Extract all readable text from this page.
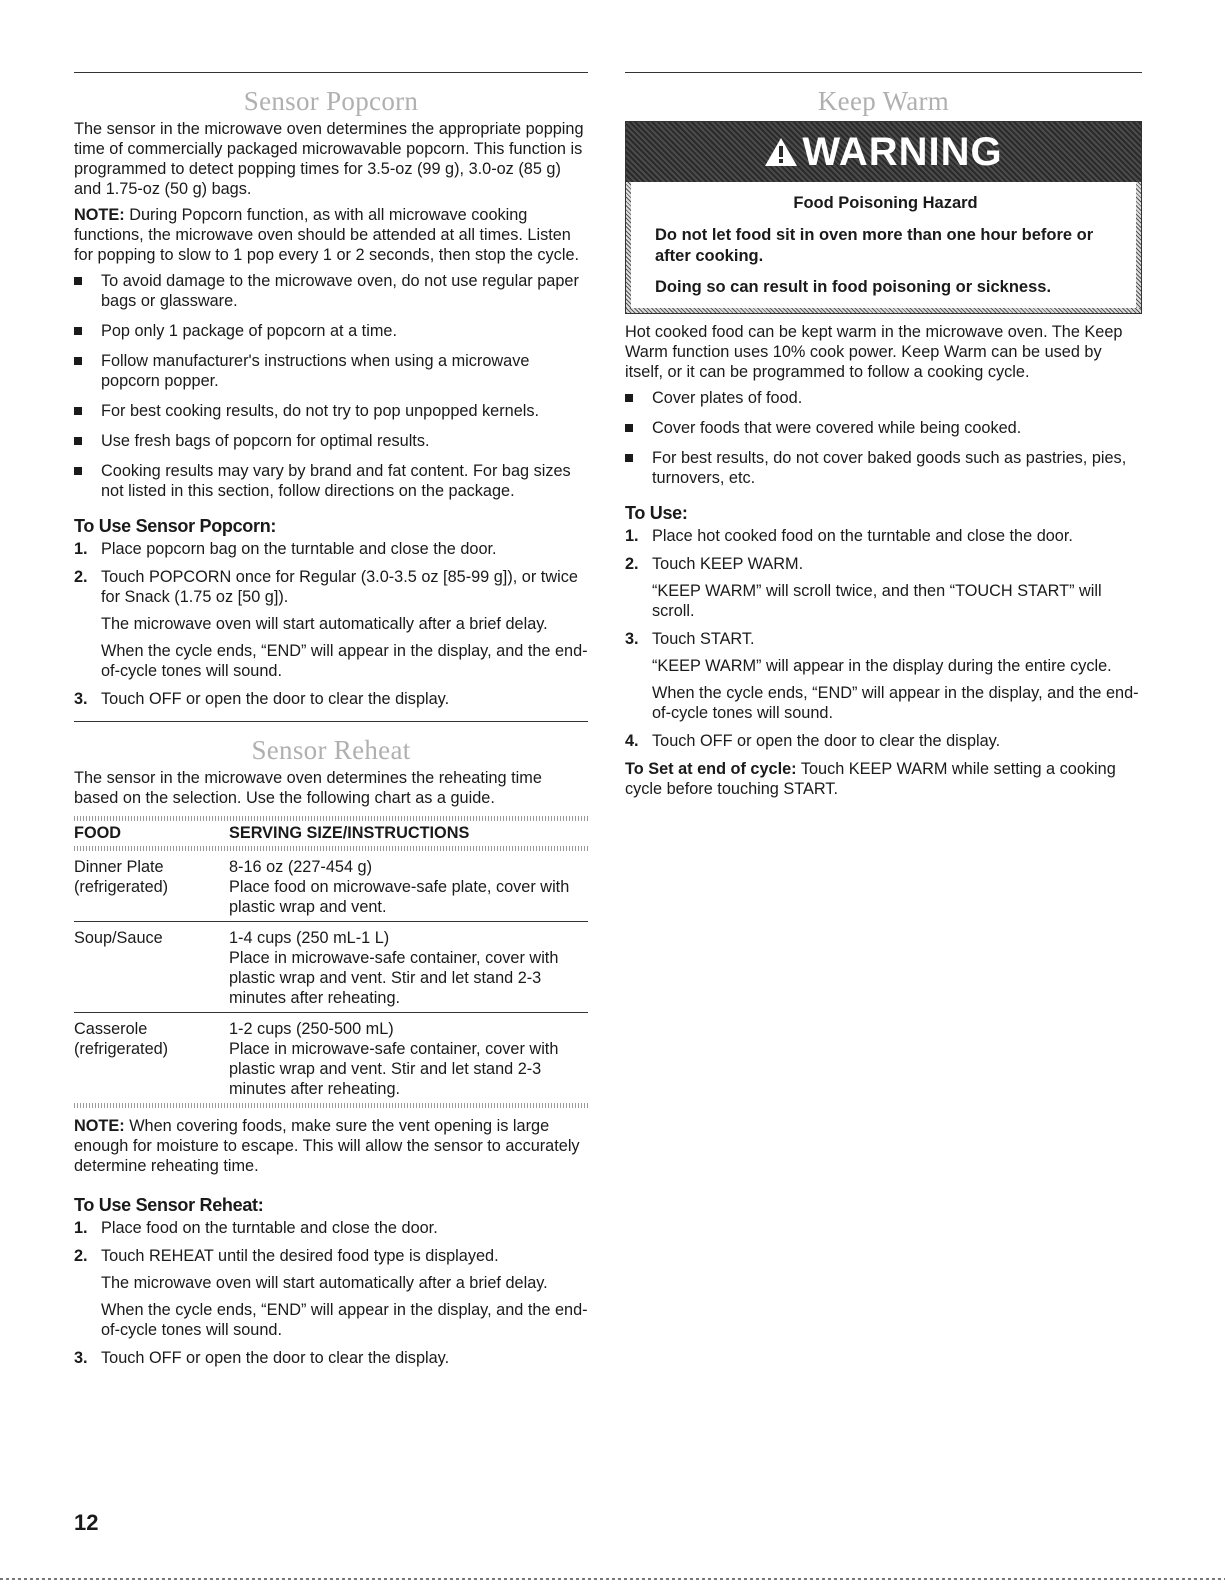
Sensor Popcorn

The sensor in the microwave oven determines the appropriate popping time of commercially packaged microwavable popcorn. This function is programmed to detect popping times for 3.5-oz (99 g), 3.0-oz (85 g) and 1.75-oz (50 g) bags.

NOTE: During Popcorn function, as with all microwave cooking functions, the microwave oven should be attended at all times. Listen for popping to slow to 1 pop every 1 or 2 seconds, then stop the cycle.

To avoid damage to the microwave oven, do not use regular paper bags or glassware.
Pop only 1 package of popcorn at a time.
Follow manufacturer's instructions when using a microwave popcorn popper.
For best cooking results, do not try to pop unpopped kernels.
Use fresh bags of popcorn for optimal results.
Cooking results may vary by brand and fat content. For bag sizes not listed in this section, follow directions on the package.
To Use Sensor Popcorn:
1. Place popcorn bag on the turntable and close the door.
2. Touch POPCORN once for Regular (3.0-3.5 oz [85-99 g]), or twice for Snack (1.75 oz [50 g]).
The microwave oven will start automatically after a brief delay.
When the cycle ends, “END” will appear in the display, and the end-of-cycle tones will sound.
3. Touch OFF or open the door to clear the display.
Sensor Reheat

The sensor in the microwave oven determines the reheating time based on the selection. Use the following chart as a guide.

FOOD	SERVING SIZE/INSTRUCTIONS
Dinner Plate
(refrigerated)
8-16 oz (227-454 g)
Place food on microwave-safe plate, cover with plastic wrap and vent.
Soup/Sauce	1-4 cups (250 mL-1 L)
Place in microwave-safe container, cover with plastic wrap and vent. Stir and let stand 2-3 minutes after reheating.
Casserole
(refrigerated)
1-2 cups (250-500 mL)
Place in microwave-safe container, cover with plastic wrap and vent. Stir and let stand 2-3 minutes after reheating.

NOTE: When covering foods, make sure the vent opening is large enough for moisture to escape. This will allow the sensor to accurately determine reheating time.

To Use Sensor Reheat:
1. Place food on the turntable and close the door.
2. Touch REHEAT until the desired food type is displayed.
The microwave oven will start automatically after a brief delay.
When the cycle ends, “END” will appear in the display, and the end-of-cycle tones will sound.
3. Touch OFF or open the door to clear the display.
Keep Warm
WARNING
Food Poisoning Hazard
Do not let food sit in oven more than one hour before or after cooking.
Doing so can result in food poisoning or sickness.

Hot cooked food can be kept warm in the microwave oven. The Keep Warm function uses 10% cook power. Keep Warm can be used by itself, or it can be programmed to follow a cooking cycle.

Cover plates of food.
Cover foods that were covered while being cooked.
For best results, do not cover baked goods such as pastries, pies, turnovers, etc.
To Use:
1. Place hot cooked food on the turntable and close the door.
2. Touch KEEP WARM.
“KEEP WARM” will scroll twice, and then “TOUCH START” will scroll.
3. Touch START.
“KEEP WARM” will appear in the display during the entire cycle.
When the cycle ends, “END” will appear in the display, and the end-of-cycle tones will sound.
4. Touch OFF or open the door to clear the display.

To Set at end of cycle: Touch KEEP WARM while setting a cooking cycle before touching START.

12
